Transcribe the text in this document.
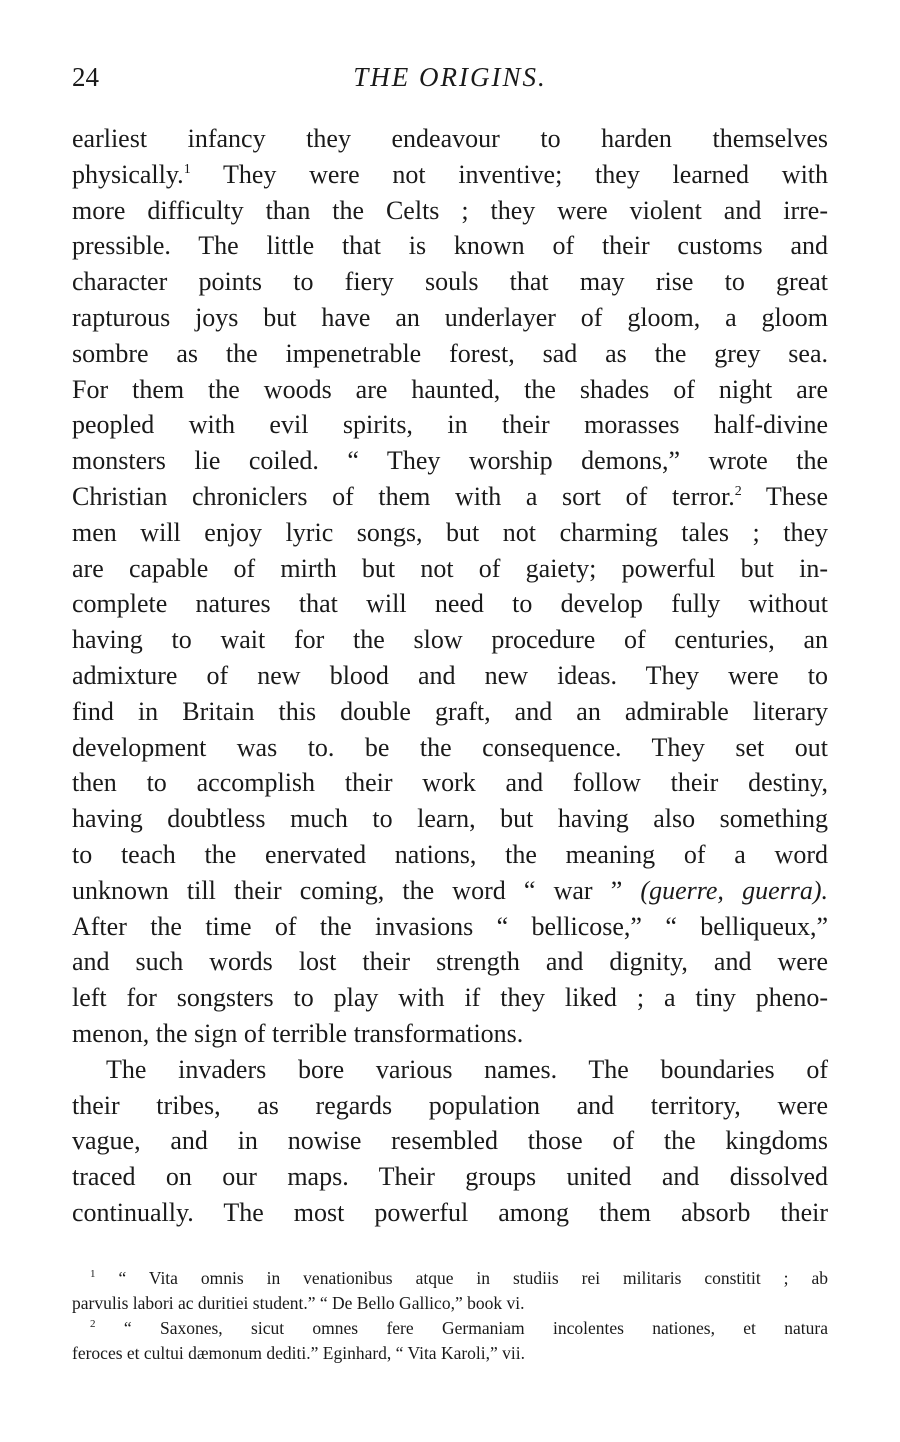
24	THE ORIGINS.
earliest infancy they endeavour to harden themselves
physically.$^1$ They were not inventive; they learned with
more difficulty than the Celts ; they were violent and irre-
pressible. The little that is known of their customs and
character points to fiery souls that may rise to great
rapturous joys but have an underlayer of gloom, a gloom
sombre as the impenetrable forest, sad as the grey sea.
For them the woods are haunted, the shades of night are
peopled with evil spirits, in their morasses half-divine
monsters lie coiled. “ They worship demons,” wrote the
Christian chroniclers of them with a sort of terror.$^2$ These
men will enjoy lyric songs, but not charming tales ; they
are capable of mirth but not of gaiety; powerful but in-
complete natures that will need to develop fully without
having to wait for the slow procedure of centuries, an
admixture of new blood and new ideas. They were to
find in Britain this double graft, and an admirable literary
development was to. be the consequence. They set out
then to accomplish their work and follow their destiny,
having doubtless much to learn, but having also something
to teach the enervated nations, the meaning of a word
unknown till their coming, the word “ war ” (guerre, guerra).
After the time of the invasions “ bellicose,” “ belliqueux,”
and such words lost their strength and dignity, and were
left for songsters to play with if they liked ; a tiny pheno-
menon, the sign of terrible transformations.
The invaders bore various names. The boundaries of
their tribes, as regards population and territory, were
vague, and in nowise resembled those of the kingdoms
traced on our maps. Their groups united and dissolved
continually. The most powerful among them absorb their
$^1$ “ Vita omnis in venationibus atque in studiis rei militaris constitit ; ab
parvulis labori ac duritiei student.” “ De Bello Gallico,” book vi.
$^2$ “ Saxones, sicut omnes fere Germaniam incolentes nationes, et natura
feroces et cultui dæmonum dediti.” Eginhard, “ Vita Karoli,” vii.
